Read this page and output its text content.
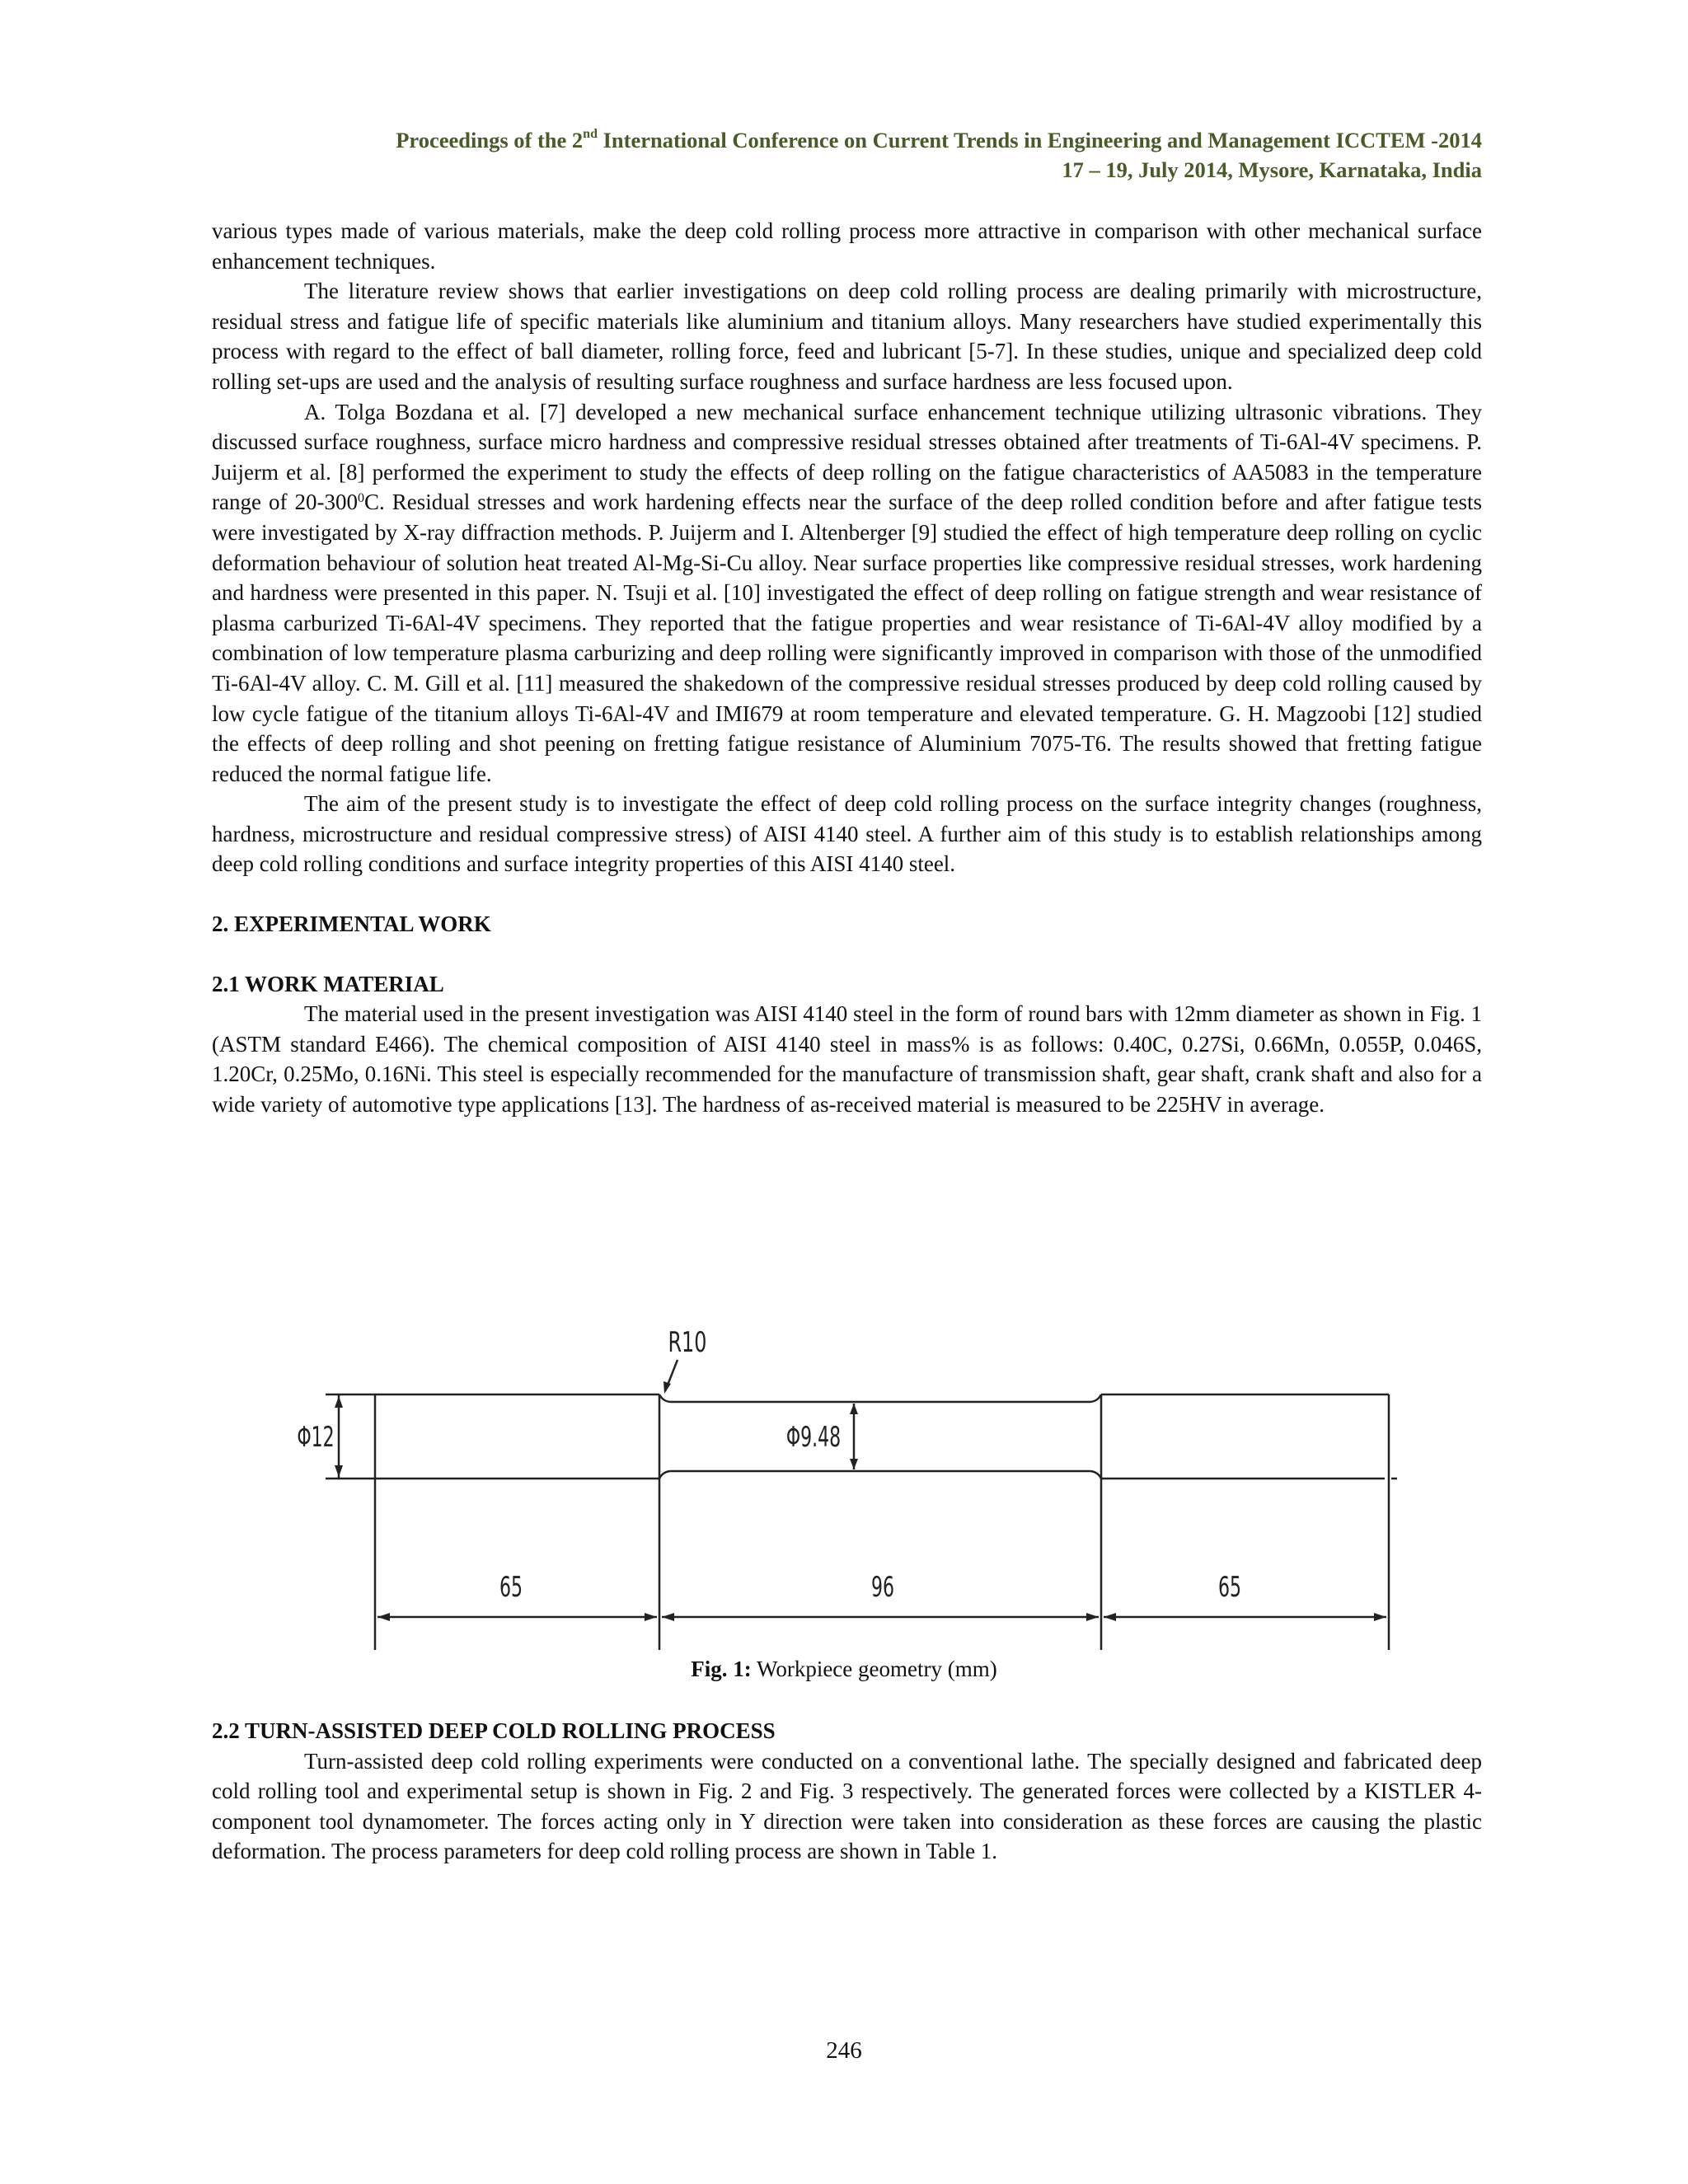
Proceedings of the 2nd International Conference on Current Trends in Engineering and Management ICCTEM -2014
17 – 19, July 2014, Mysore, Karnataka, India

various types made of various materials, make the deep cold rolling process more attractive in comparison with other mechanical surface enhancement techniques.

The literature review shows that earlier investigations on deep cold rolling process are dealing primarily with microstructure, residual stress and fatigue life of specific materials like aluminium and titanium alloys. Many researchers have studied experimentally this process with regard to the effect of ball diameter, rolling force, feed and lubricant [5-7]. In these studies, unique and specialized deep cold rolling set-ups are used and the analysis of resulting surface roughness and surface hardness are less focused upon.

A. Tolga Bozdana et al. [7] developed a new mechanical surface enhancement technique utilizing ultrasonic vibrations. They discussed surface roughness, surface micro hardness and compressive residual stresses obtained after treatments of Ti-6Al-4V specimens. P. Juijerm et al. [8] performed the experiment to study the effects of deep rolling on the fatigue characteristics of AA5083 in the temperature range of $20-300^0C$. Residual stresses and work hardening effects near the surface of the deep rolled condition before and after fatigue tests were investigated by X-ray diffraction methods. P. Juijerm and I. Altenberger [9] studied the effect of high temperature deep rolling on cyclic deformation behaviour of solution heat treated Al-Mg-Si-Cu alloy. Near surface properties like compressive residual stresses, work hardening and hardness were presented in this paper. N. Tsuji et al. [10] investigated the effect of deep rolling on fatigue strength and wear resistance of plasma carburized Ti-6Al-4V specimens. They reported that the fatigue properties and wear resistance of Ti-6Al-4V alloy modified by a combination of low temperature plasma carburizing and deep rolling were significantly improved in comparison with those of the unmodified Ti-6Al-4V alloy. C. M. Gill et al. [11] measured the shakedown of the compressive residual stresses produced by deep cold rolling caused by low cycle fatigue of the titanium alloys Ti-6Al-4V and IMI679 at room temperature and elevated temperature. G. H. Magzoobi [12] studied the effects of deep rolling and shot peening on fretting fatigue resistance of Aluminium 7075-T6. The results showed that fretting fatigue reduced the normal fatigue life.

The aim of the present study is to investigate the effect of deep cold rolling process on the surface integrity changes (roughness, hardness, microstructure and residual compressive stress) of AISI 4140 steel. A further aim of this study is to establish relationships among deep cold rolling conditions and surface integrity properties of this AISI 4140 steel.

2. EXPERIMENTAL WORK

2.1 WORK MATERIAL

The material used in the present investigation was AISI 4140 steel in the form of round bars with 12mm diameter as shown in Fig. 1 (ASTM standard E466). The chemical composition of AISI 4140 steel in mass% is as follows: 0.40C, 0.27Si, 0.66Mn, 0.055P, 0.046S, 1.20Cr, 0.25Mo, 0.16Ni. This steel is especially recommended for the manufacture of transmission shaft, gear shaft, crank shaft and also for a wide variety of automotive type applications [13]. The hardness of as-received material is measured to be 225HV in average.

R10
Φ12	Φ9.48
65	96	65
Fig. 1: Workpiece geometry (mm)

2.2 TURN-ASSISTED DEEP COLD ROLLING PROCESS

Turn-assisted deep cold rolling experiments were conducted on a conventional lathe. The specially designed and fabricated deep cold rolling tool and experimental setup is shown in Fig. 2 and Fig. 3 respectively. The generated forces were collected by a KISTLER 4-component tool dynamometer. The forces acting only in Y direction were taken into consideration as these forces are causing the plastic deformation. The process parameters for deep cold rolling process are shown in Table 1.

246
